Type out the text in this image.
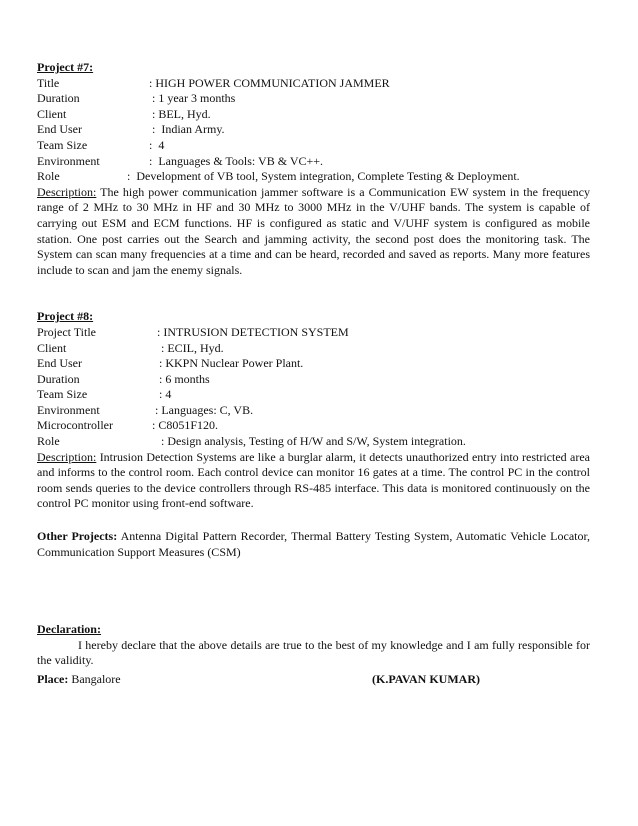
Project #7:
Title	: HIGH POWER COMMUNICATION JAMMER
Duration	: 1 year 3 months
Client	: BEL, Hyd.
End User	:  Indian Army.
Team Size	:  4
Environment	:  Languages & Tools: VB & VC++.
Role	:  Development of VB tool, System integration, Complete Testing & Deployment.
Description: The high power communication jammer software is a Communication EW system in the frequency range of 2 MHz to 30 MHz in HF and 30 MHz to 3000 MHz in the V/UHF bands. The system is capable of carrying out ESM and ECM functions. HF is configured as static and V/UHF system is configured as mobile station. One post carries out the Search and jamming activity, the second post does the monitoring task. The System can scan many frequencies at a time and can be heard, recorded and saved as reports. Many more features include to scan and jam the enemy signals.
Project #8:
Project Title	: INTRUSION DETECTION SYSTEM
Client	: ECIL, Hyd.
End User	: KKPN Nuclear Power Plant.
Duration	: 6 months
Team Size	: 4
Environment	: Languages: C, VB.
Microcontroller	: C8051F120.
Role	: Design analysis, Testing of H/W and S/W, System integration.
Description: Intrusion Detection Systems are like a burglar alarm, it detects unauthorized entry into restricted area and informs to the control room. Each control device can monitor 16 gates at a time. The control PC in the control room sends queries to the device controllers through RS-485 interface. This data is monitored continuously on the control PC monitor using front-end software.
Other Projects: Antenna Digital Pattern Recorder, Thermal Battery Testing System, Automatic Vehicle Locator, Communication Support Measures (CSM)
Declaration:
I hereby declare that the above details are true to the best of my knowledge and I am fully responsible for the validity.
Place: Bangalore	(K.PAVAN KUMAR)
